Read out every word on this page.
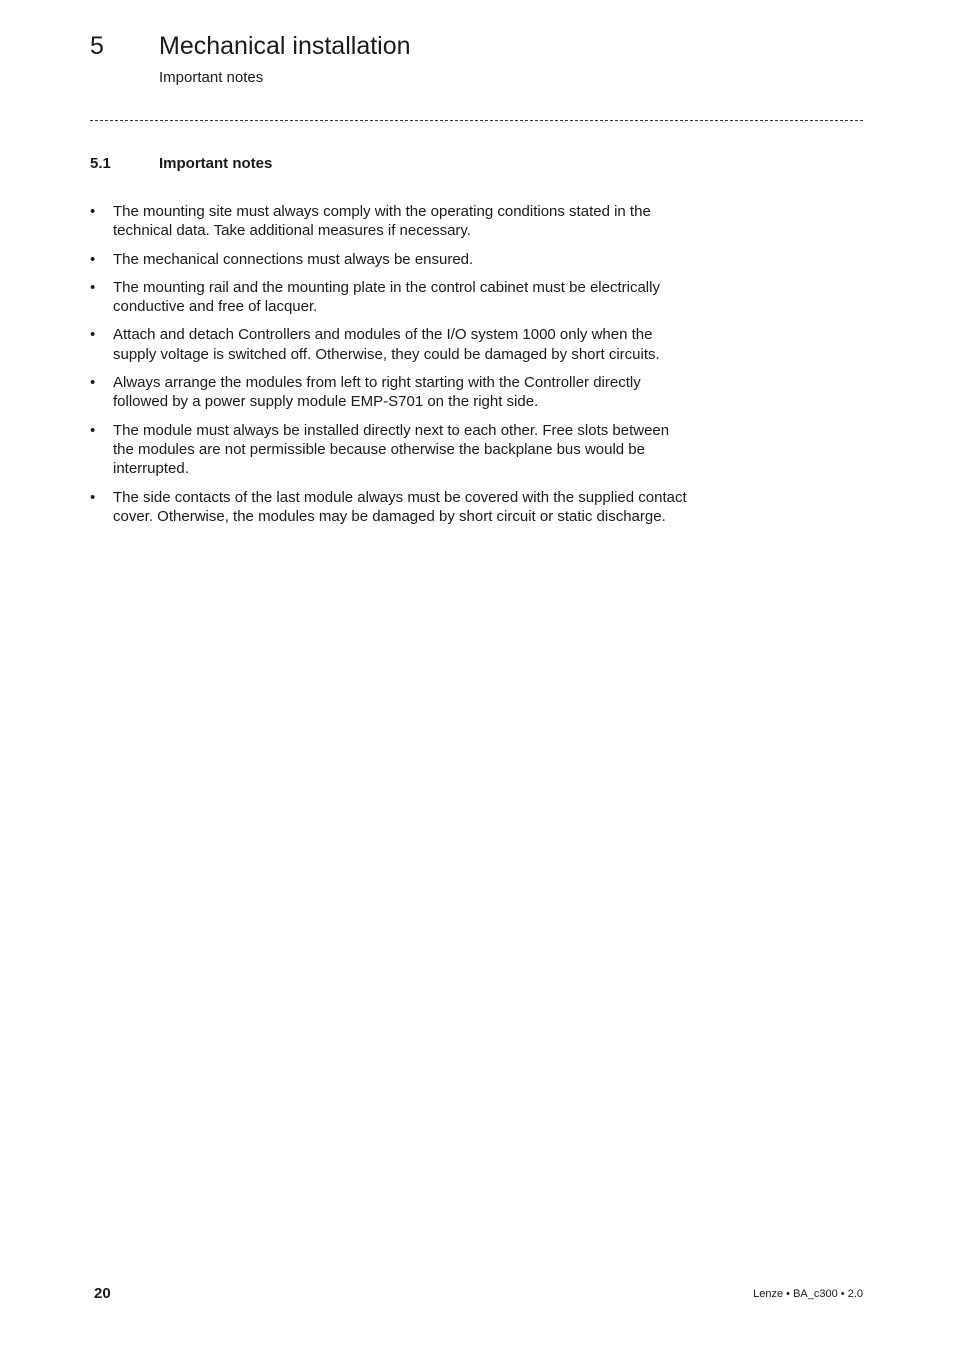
5 Mechanical installation
Important notes
5.1	Important notes
• The mounting site must always comply with the operating conditions stated in the technical data. Take additional measures if necessary.
• The mechanical connections must always be ensured.
• The mounting rail and the mounting plate in the control cabinet must be electrically conductive and free of lacquer.
• Attach and detach Controllers and modules of the I/O system 1000 only when the supply voltage is switched off. Otherwise, they could be damaged by short circuits.
• Always arrange the modules from left to right starting with the Controller directly followed by a power supply module EMP-S701 on the right side.
• The module must always be installed directly next to each other. Free slots between the modules are not permissible because otherwise the backplane bus would be interrupted.
• The side contacts of the last module always must be covered with the supplied contact cover. Otherwise, the modules may be damaged by short circuit or static discharge.
20	Lenze • BA_c300 • 2.0
